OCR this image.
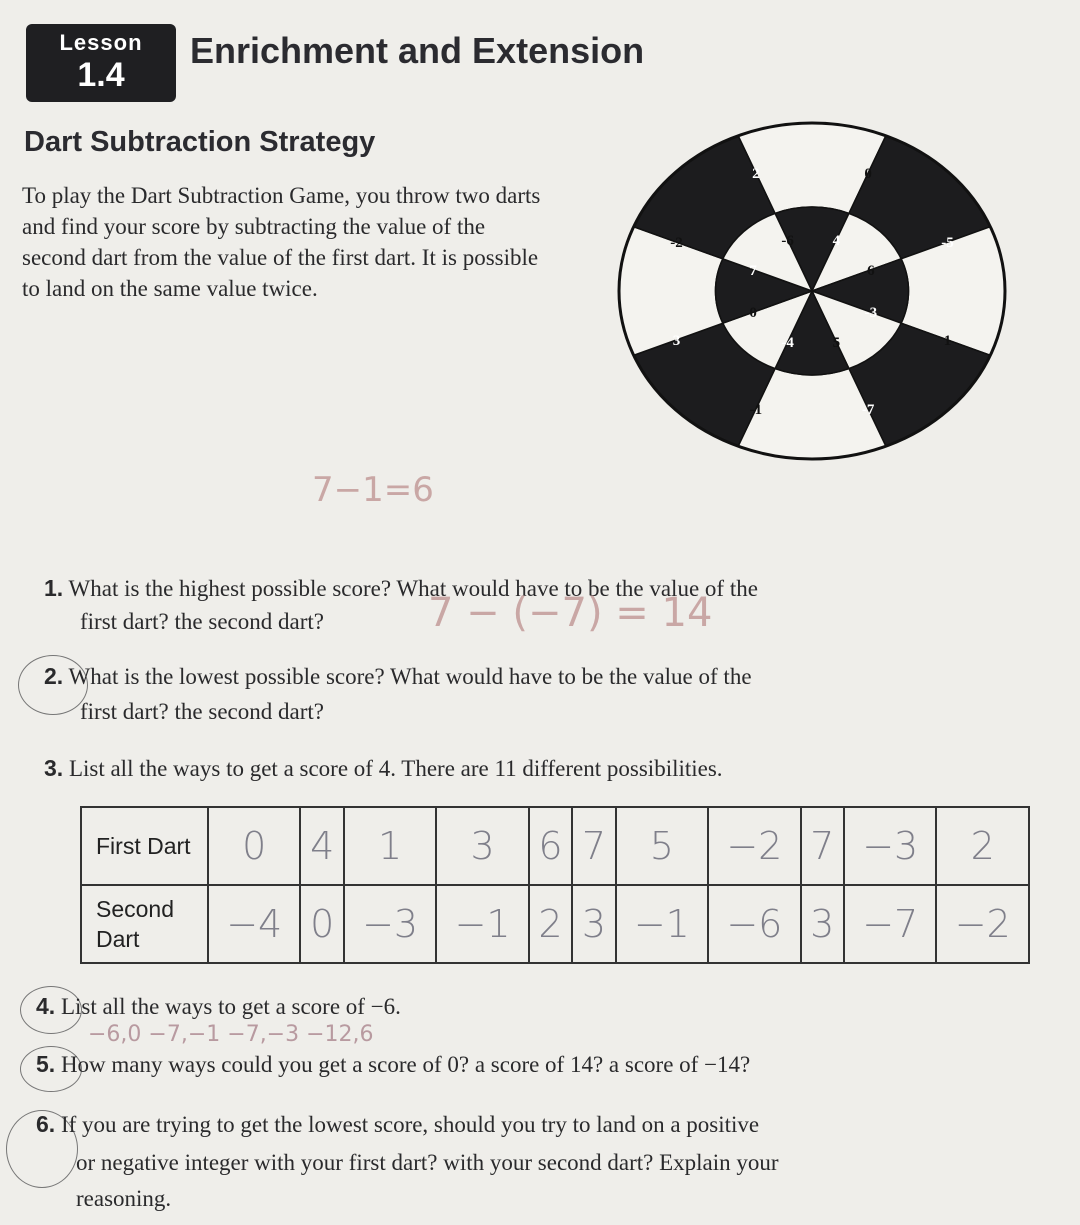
Lesson
1.4
Enrichment and Extension
Dart Subtraction Strategy
To play the Dart Subtraction Game, you throw two darts and find your score by subtracting the value of the second dart from the value of the first dart. It is possible to land on the same value twice.
0
-5
1
-7
-1
3
-2
2
4
6
-3
5
-4
0
7
-6
7−1=6
1. What is the highest possible score? What would have to be the value of the
first dart? the second dart?	7 − (−7) = 14
2. What is the lowest possible score? What would have to be the value of the
first dart? the second dart?
3. List all the ways to get a score of 4. There are 11 different possibilities.
First Dart	0	4	1	3	6	7	5	−2	7	−3	2
Second Dart	−4	0	−3	−1	2	3	−1	−6	3	−7	−2
4. List all the ways to get a score of −6.
−6,0 −7,−1 −7,−3 −12,6
5. How many ways could you get a score of 0? a score of 14? a score of −14?
6. If you are trying to get the lowest score, should you try to land on a positive
or negative integer with your first dart? with your second dart? Explain your
reasoning.
